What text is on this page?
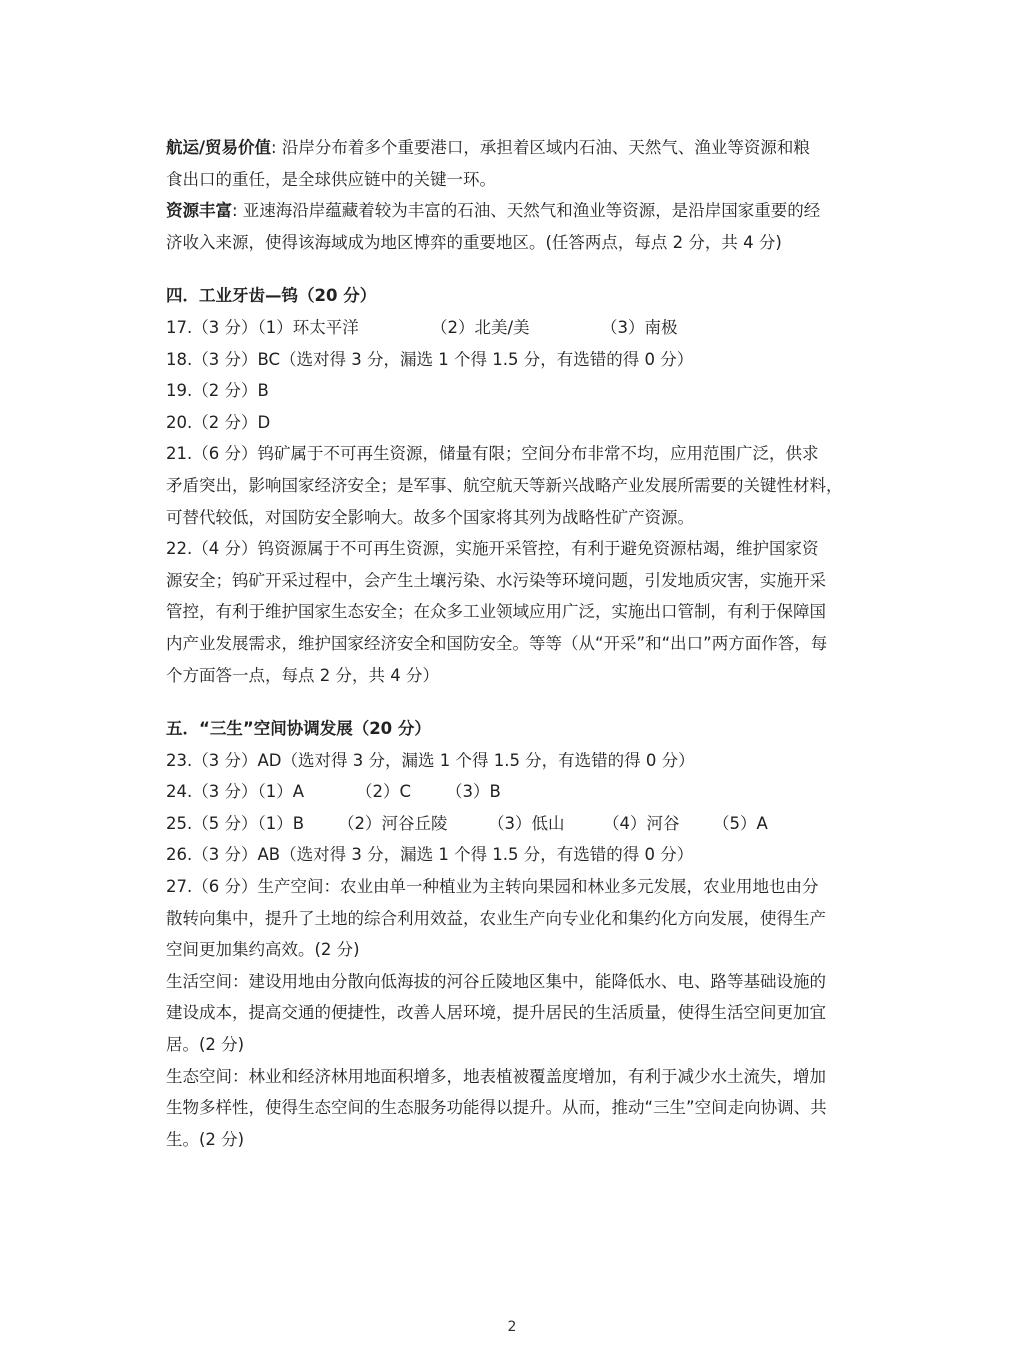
航运/贸易价值: 沿岸分布着多个重要港口，承担着区域内石油、天然气、渔业等资源和粮
食出口的重任，是全球供应链中的关键一环。
资源丰富: 亚速海沿岸蕴藏着较为丰富的石油、天然气和渔业等资源，是沿岸国家重要的经
济收入来源，使得该海域成为地区博弈的重要地区。(任答两点，每点 2 分，共 4 分)
四．工业牙齿—钨（20 分）
17.（3 分）（1）环太平洋	（2）北美/美	（3）南极
18.（3 分）BC（选对得 3 分，漏选 1 个得 1.5 分，有选错的得 0 分）
19.（2 分）B
20.（2 分）D
21.（6 分）钨矿属于不可再生资源，储量有限；空间分布非常不均，应用范围广泛，供求
矛盾突出，影响国家经济安全；是军事、航空航天等新兴战略产业发展所需要的关键性材料，
可替代较低，对国防安全影响大。故多个国家将其列为战略性矿产资源。
22.（4 分）钨资源属于不可再生资源，实施开采管控，有利于避免资源枯竭，维护国家资
源安全；钨矿开采过程中，会产生土壤污染、水污染等环境问题，引发地质灾害，实施开采
管控，有利于维护国家生态安全；在众多工业领域应用广泛，实施出口管制，有利于保障国
内产业发展需求，维护国家经济安全和国防安全。等等（从“开采”和“出口”两方面作答，每
个方面答一点，每点 2 分，共 4 分）
五．“三生”空间协调发展（20 分）
23.（3 分）AD（选对得 3 分，漏选 1 个得 1.5 分，有选错的得 0 分）
24.（3 分）（1）A	（2）C （3）B
25.（5 分）（1）B （2）河谷丘陵 （3）低山 （4）河谷 （5）A
26.（3 分）AB（选对得 3 分，漏选 1 个得 1.5 分，有选错的得 0 分）
27.（6 分）生产空间：农业由单一种植业为主转向果园和林业多元发展，农业用地也由分
散转向集中，提升了土地的综合利用效益，农业生产向专业化和集约化方向发展，使得生产
空间更加集约高效。(2 分)
生活空间：建设用地由分散向低海拔的河谷丘陵地区集中，能降低水、电、路等基础设施的
建设成本，提高交通的便捷性，改善人居环境，提升居民的生活质量，使得生活空间更加宜
居。(2 分)
生态空间：林业和经济林用地面积增多，地表植被覆盖度增加，有利于减少水土流失，增加
生物多样性，使得生态空间的生态服务功能得以提升。从而，推动“三生”空间走向协调、共
生。(2 分)
2
